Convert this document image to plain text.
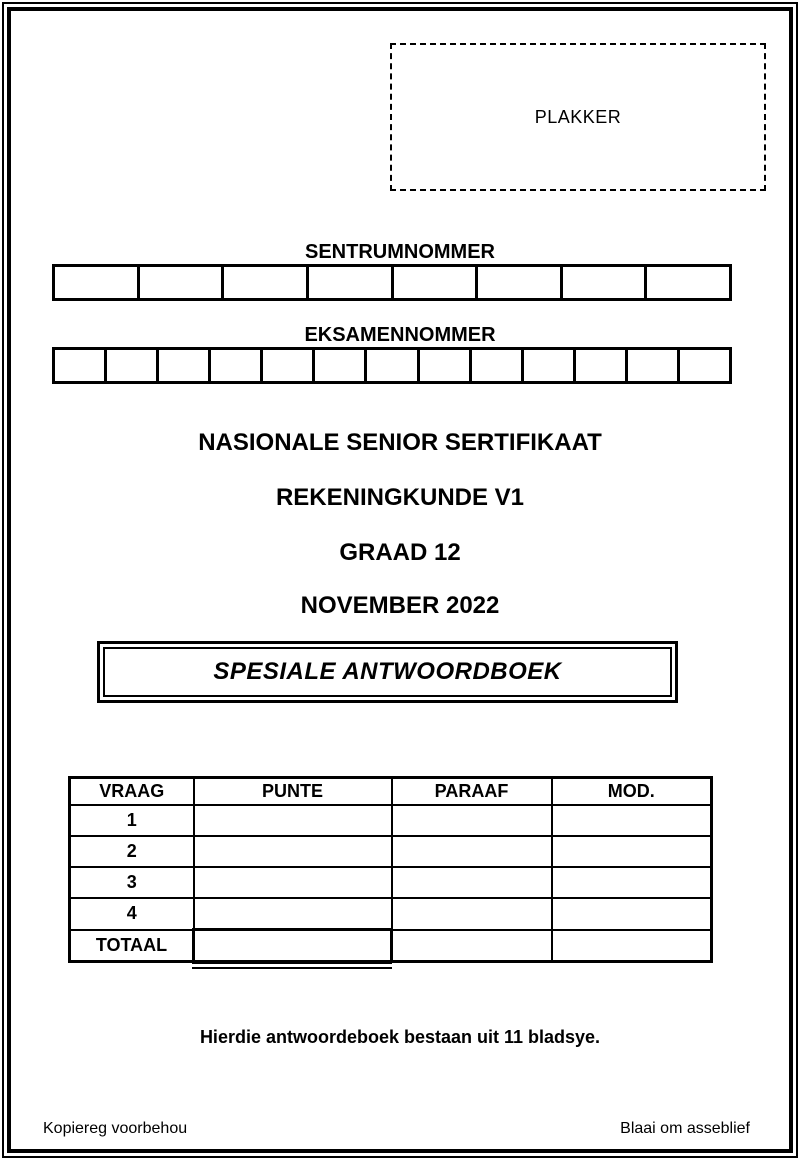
PLAKKER
SENTRUMNOMMER
EKSAMENNOMMER
NASIONALE SENIOR SERTIFIKAAT
REKENINGKUNDE V1
GRAAD 12
NOVEMBER 2022
SPESIALE ANTWOORDBOEK
VRAAG	PUNTE	PARAAF	MOD.
1			
2			
3			
4			
TOTAAL			
Hierdie antwoordeboek bestaan uit 11 bladsye.
Kopiereg voorbehou	Blaai om asseblief
